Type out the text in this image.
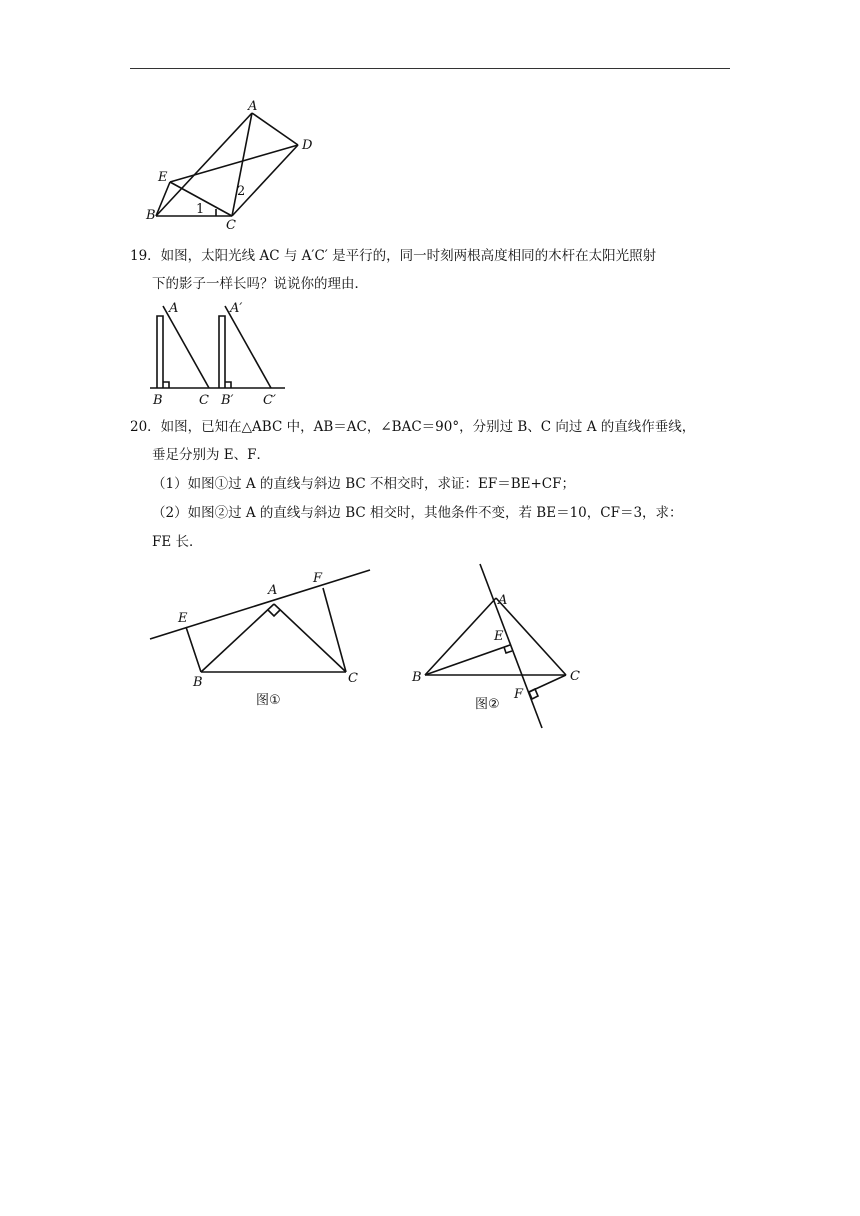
A
D
E
B
C
1
2
19．如图，太阳光线 AC 与 A′C′ 是平行的，同一时刻两根高度相同的木杆在太阳光照射
下的影子一样长吗？说说你的理由．
A	A′
B	C B′ C′
20．如图，已知在△ABC 中，AB＝AC，∠BAC＝90°，分别过 B、C 向过 A 的直线作垂线，
垂足分别为 E、F．
（1）如图①过 A 的直线与斜边 BC 不相交时，求证：EF＝BE+CF；
（2）如图②过 A 的直线与斜边 BC 相交时，其他条件不变，若 BE＝10，CF＝3，求：
FE 长．
E
A
F
B	C
图①
A
E
B	C
F
图②
